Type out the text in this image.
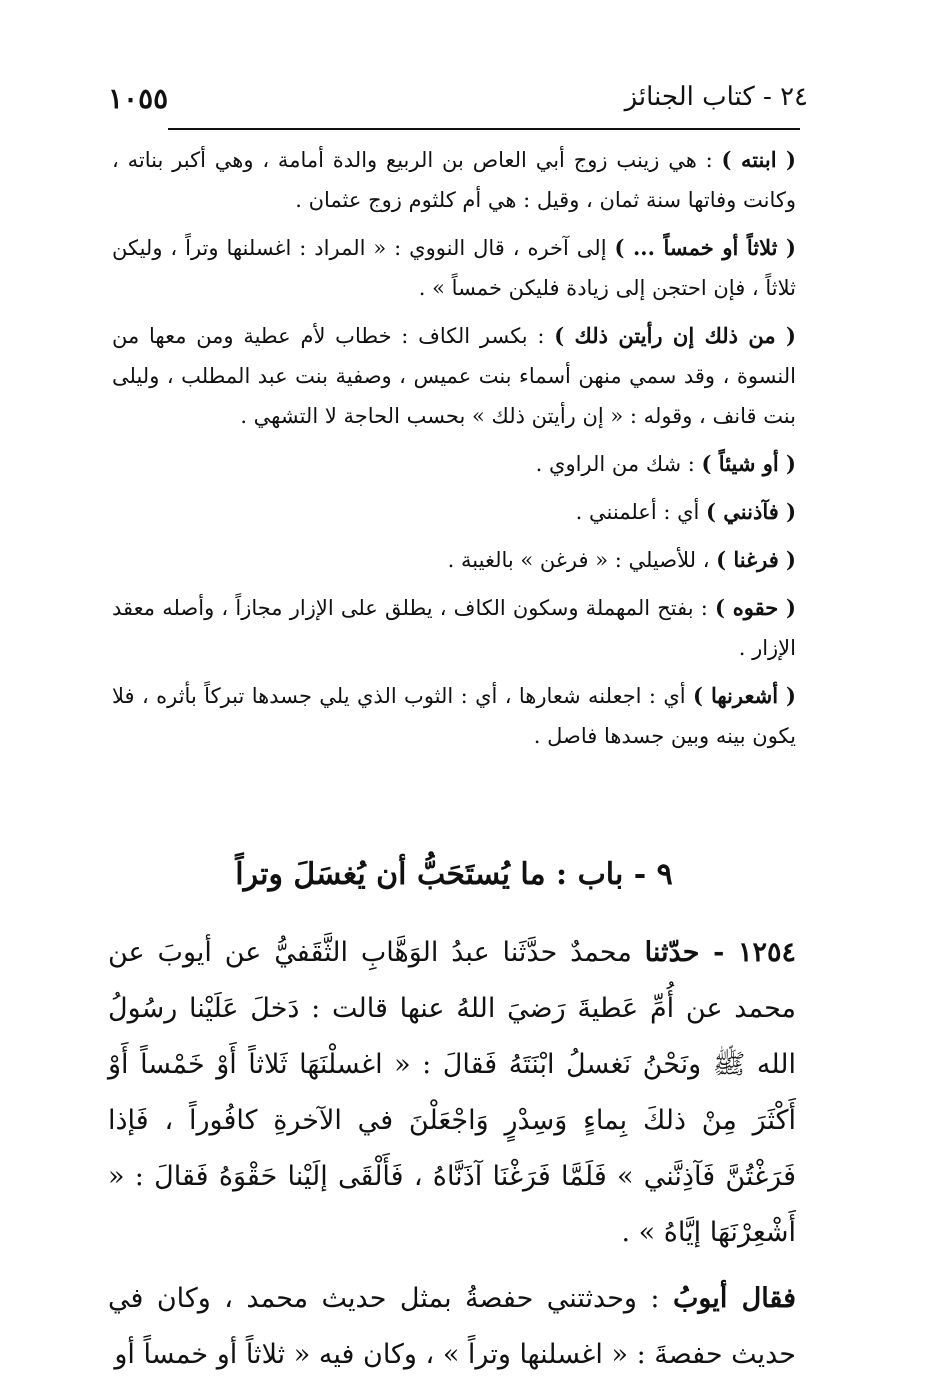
٢٤ - كتاب الجنائز
١٠٥٥

( ابنته ) : هي زينب زوج أبي العاص بن الربيع والدة أمامة ، وهي أكبر بناته ، وكانت وفاتها سنة ثمان ، وقيل : هي أم كلثوم زوج عثمان .

( ثلاثاً أو خمساً ... ) إلى آخره ، قال النووي : « المراد : اغسلنها وتراً ، وليكن ثلاثاً ، فإن احتجن إلى زيادة فليكن خمساً » .

( من ذلك إن رأيتن ذلك ) : بكسر الكاف : خطاب لأم عطية ومن معها من النسوة ، وقد سمي منهن أسماء بنت عميس ، وصفية بنت عبد المطلب ، وليلى بنت قانف ، وقوله : « إن رأيتن ذلك » بحسب الحاجة لا التشهي .

( أو شيئاً ) : شك من الراوي .

( فآذنني ) أي : أعلمنني .

( فرغنا ) ، للأصيلي : « فرغن » بالغيبة .

( حقوه ) : بفتح المهملة وسكون الكاف ، يطلق على الإزار مجازاً ، وأصله معقد الإزار .

( أشعرنها ) أي : اجعلنه شعارها ، أي : الثوب الذي يلي جسدها تبركاً بأثره ، فلا يكون بينه وبين جسدها فاصل .

٩ - باب : ما يُستَحَبُّ أن يُغسَلَ وتراً

١٢٥٤ - حدّثنا محمدٌ حدَّثَنا عبدُ الوَهَّابِ الثَّقَفيُّ عن أيوبَ عن محمد عن أُمِّ عَطيةَ رَضيَ اللهُ عنها قالت : دَخلَ عَلَيْنا رسُولُ الله ﷺ ونَحْنُ نَغسلُ ابْنَتَهُ فَقالَ : « اغسلْنَهَا ثَلاثاً أَوْ خَمْساً أَوْ أَكْثَرَ مِنْ ذلكَ بِماءٍ وَسِدْرٍ وَاجْعَلْنَ في الآخرةِ كافُوراً ، فَإذا فَرَغْتُنَّ فَآذِنَّني » فَلَمَّا فَرَغْنَا آذَنَّاهُ ، فَأَلْقَى إلَيْنا حَقْوَهُ فَقالَ : « أَشْعِرْنَهَا إيَّاهُ » .

فقال أيوبُ : وحدثتني حفصةُ بمثل حديث محمد ، وكان في حديث حفصةَ : « اغسلنها وتراً » ، وكان فيه « ثلاثاً أو خمساً أو
